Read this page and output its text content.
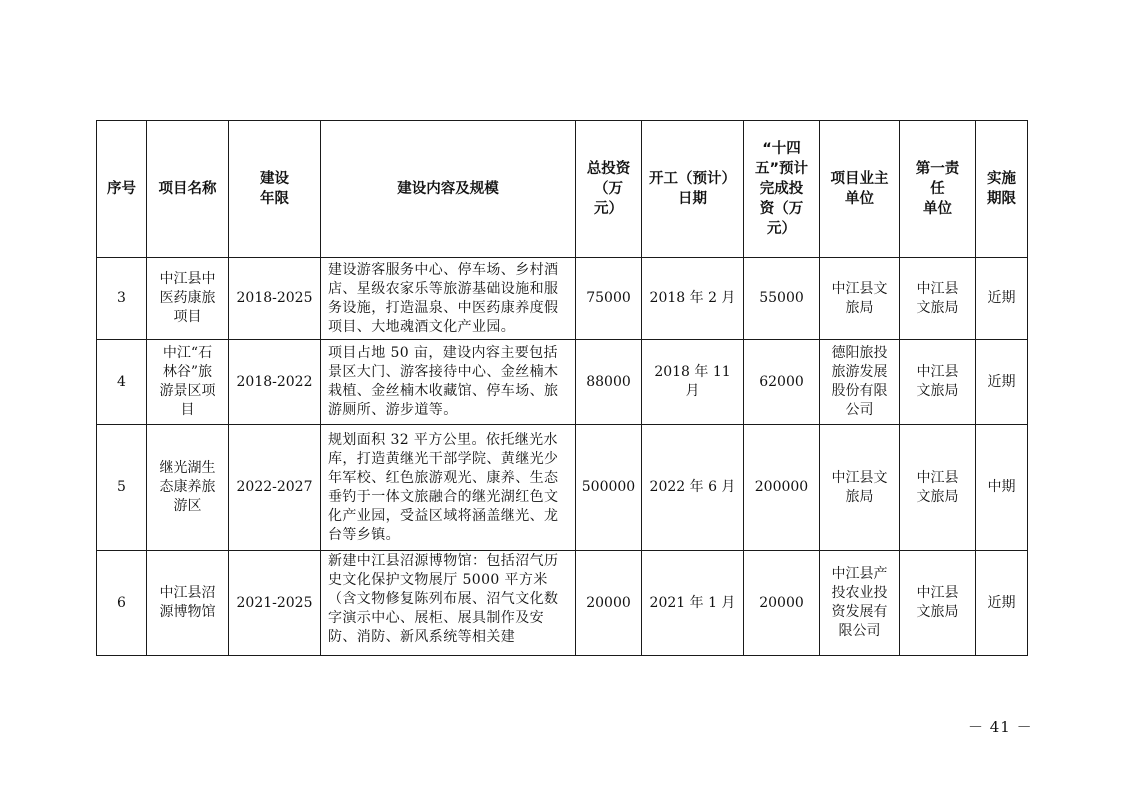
序号	项目名称	建设
年限	建设内容及规模	总投资
（万
元）	开工（预计）
日期	“十四
五”预计
完成投
资（万
元）	项目业主
单位	第一责
任
单位	实施
期限
3	中江县中
医药康旅
项目	2018-2025	建设游客服务中心、停车场、乡村酒店、星级农家乐等旅游基础设施和服务设施，打造温泉、中医药康养度假项目、大地魂酒文化产业园。	75000	2018 年 2 月	55000	中江县文
旅局	中江县
文旅局	近期
4	中江“石
林谷”旅
游景区项
目	2018-2022	项目占地 50 亩，建设内容主要包括景区大门、游客接待中心、金丝楠木栽植、金丝楠木收藏馆、停车场、旅游厕所、游步道等。	88000	2018 年 11
月	62000	德阳旅投
旅游发展
股份有限
公司	中江县
文旅局	近期
5	继光湖生
态康养旅
游区	2022-2027	规划面积 32 平方公里。依托继光水库，打造黄继光干部学院、黄继光少年军校、红色旅游观光、康养、生态垂钓于一体文旅融合的继光湖红色文化产业园，受益区域将涵盖继光、龙台等乡镇。	500000	2022 年 6 月	200000	中江县文
旅局	中江县
文旅局	中期
6	中江县沼
源博物馆	2021-2025	新建中江县沼源博物馆：包括沼气历史文化保护文物展厅 5000 平方米（含文物修复陈列布展、沼气文化数字演示中心、展柜、展具制作及安防、消防、新风系统等相关建	20000	2021 年 1 月	20000	中江县产
投农业投
资发展有
限公司	中江县
文旅局	近期
－ 41 －
